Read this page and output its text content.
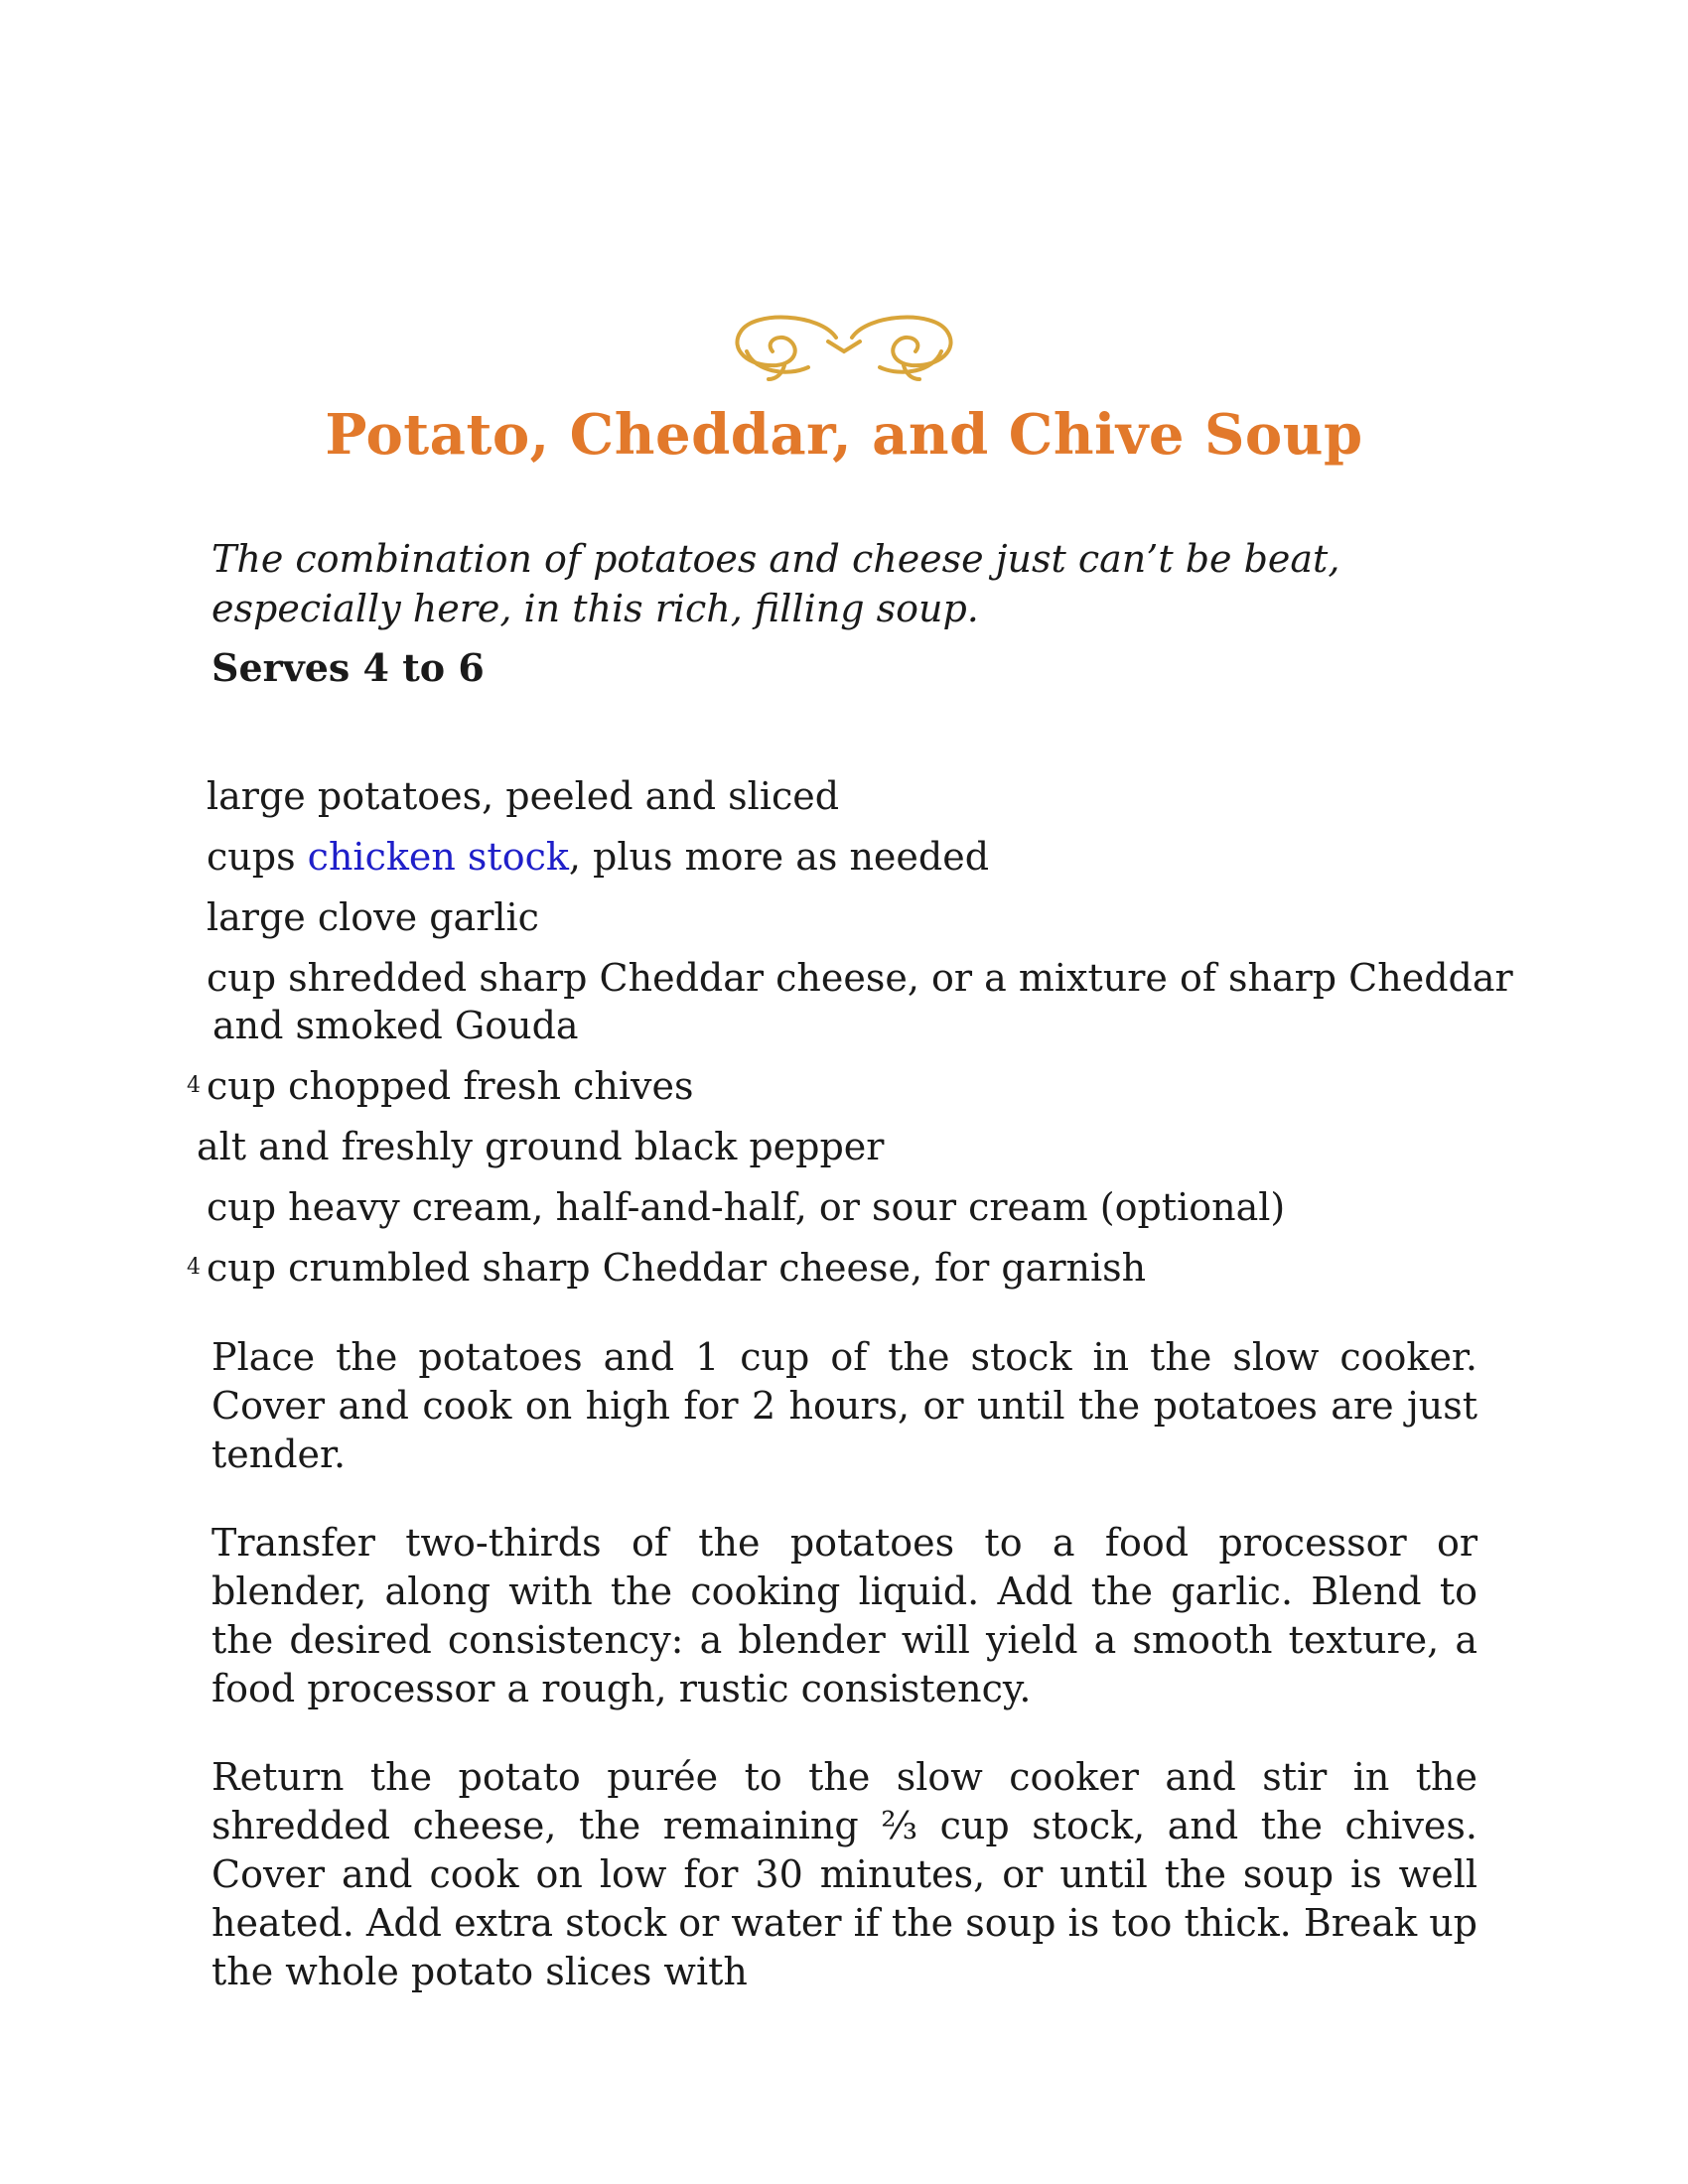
Potato, Cheddar, and Chive Soup
The combination of potatoes and cheese just can’t be beat, especially here, in this rich, filling soup.
Serves 4 to 6
large potatoes, peeled and sliced
cups chicken stock, plus more as needed
large clove garlic
cup shredded sharp Cheddar cheese, or a mixture of sharp Cheddar
and smoked Gouda
4 cup chopped fresh chives
alt and freshly ground black pepper
cup heavy cream, half-and-half, or sour cream (optional)
4 cup crumbled sharp Cheddar cheese, for garnish

Place the potatoes and 1 cup of the stock in the slow cooker. Cover and cook on high for 2 hours, or until the potatoes are just tender.

Transfer two-thirds of the potatoes to a food processor or blender, along with the cooking liquid. Add the garlic. Blend to the desired consistency: a blender will yield a smooth texture, a food processor a rough, rustic consistency.

Return the potato purée to the slow cooker and stir in the shredded cheese, the remaining ⅔ cup stock, and the chives. Cover and cook on low for 30 minutes, or until the soup is well heated. Add extra stock or water if the soup is too thick. Break up the whole potato slices with
